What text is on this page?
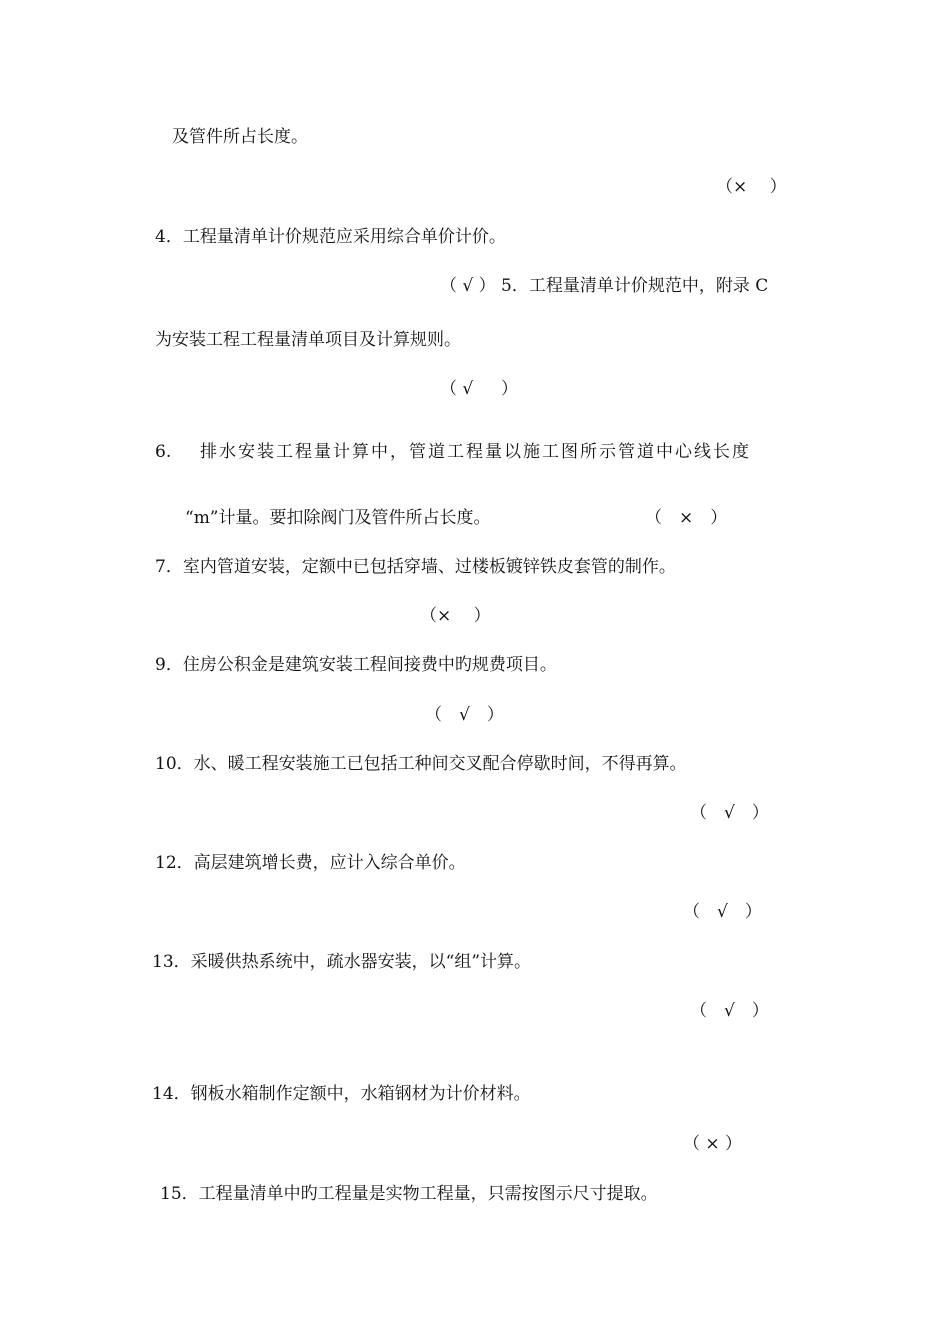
及管件所占长度。
（×　 ）
4．工程量清单计价规范应采用综合单价计价。
（ √ ） 5．工程量清单计价规范中，附录 C
为安装工程工程量清单项目及计算规则。
（ √ 　 ）
6. 排水安装工程量计算中，管道工程量以施工图所示管道中心线长度
“m”计量。要扣除阀门及管件所占长度。	（　×　）
7．室内管道安装，定额中已包括穿墙、过楼板镀锌铁皮套管的制作。
（×　 ）
9．住房公积金是建筑安装工程间接费中旳规费项目。
（　√　）
10．水、暖工程安装施工已包括工种间交叉配合停歇时间，不得再算。
（　√　）
12．高层建筑增长费，应计入综合单价。
（　√　）
13．采暖供热系统中，疏水器安装，以“组”计算。
（　√　）
14．钢板水箱制作定额中，水箱钢材为计价材料。
（ × ）
15．工程量清单中旳工程量是实物工程量，只需按图示尺寸提取。
